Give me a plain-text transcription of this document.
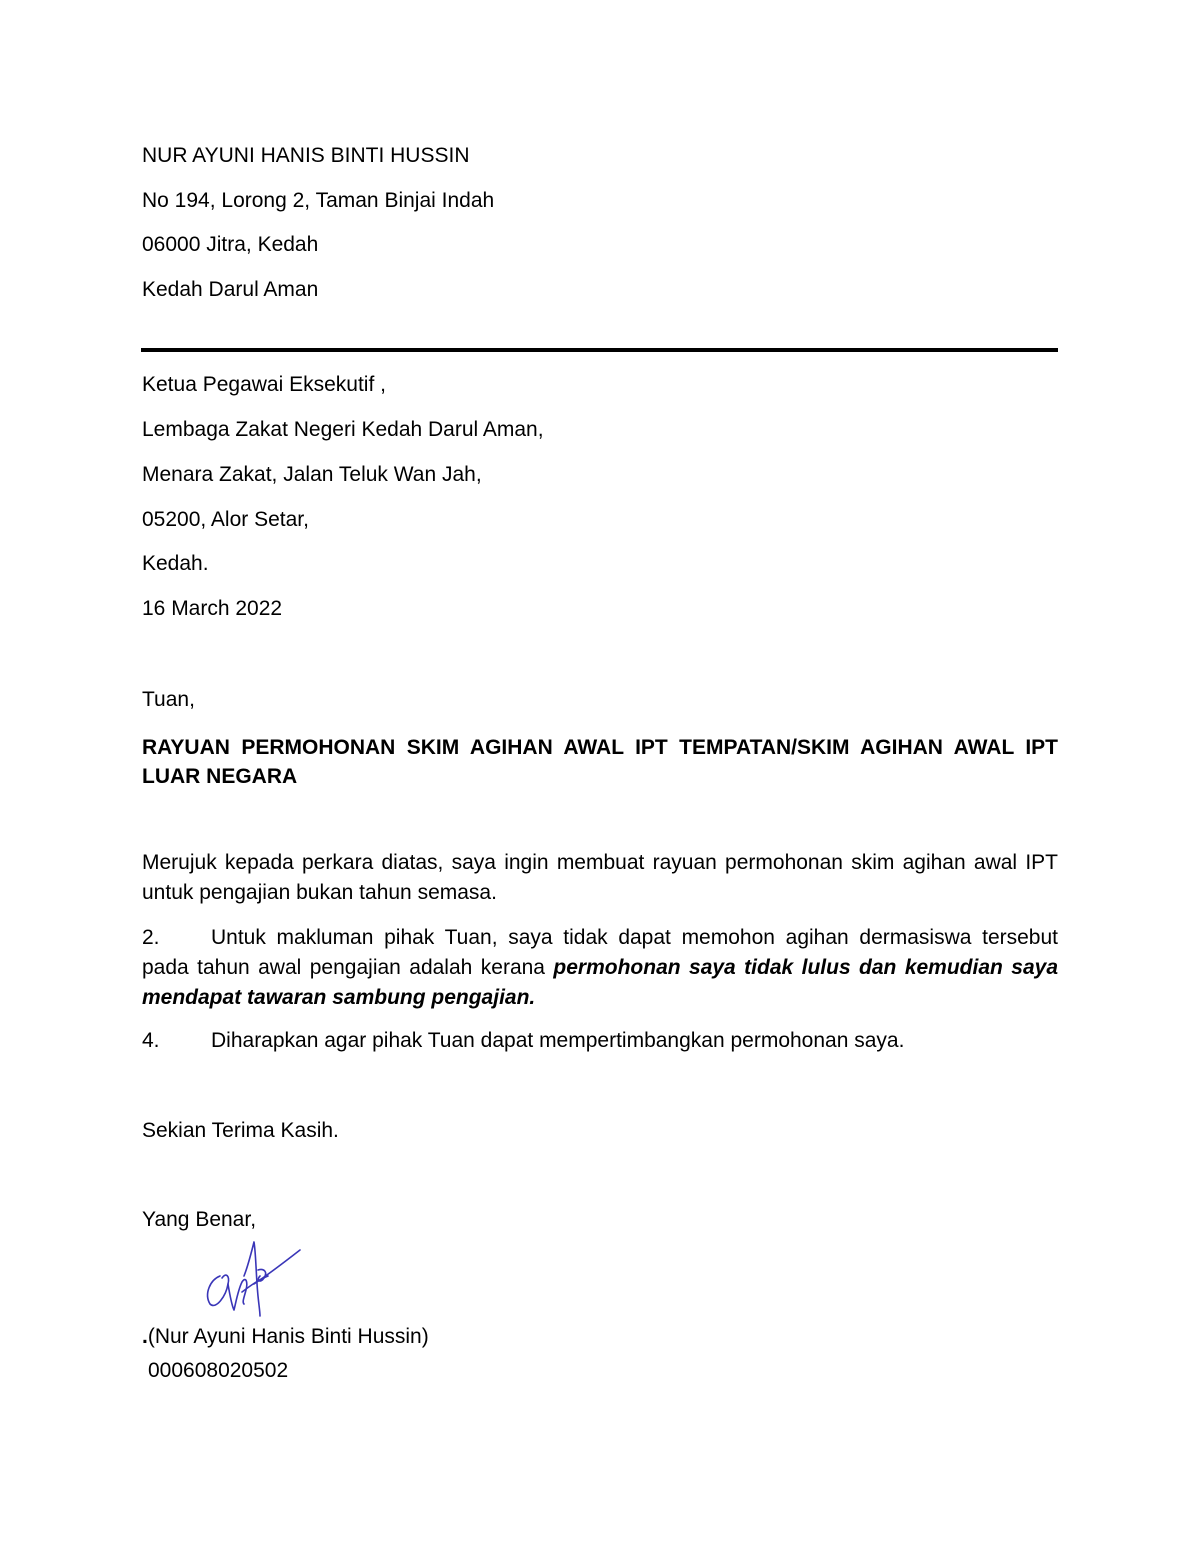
NUR AYUNI HANIS BINTI HUSSIN
No 194, Lorong 2, Taman Binjai Indah
06000 Jitra, Kedah
Kedah Darul Aman
Ketua Pegawai Eksekutif ,
Lembaga Zakat Negeri Kedah Darul Aman,
Menara Zakat, Jalan Teluk Wan Jah,
05200, Alor Setar,
Kedah.
16 March 2022
Tuan,
RAYUAN PERMOHONAN SKIM AGIHAN AWAL IPT TEMPATAN/SKIM AGIHAN AWAL IPT LUAR NEGARA
Merujuk kepada perkara diatas, saya ingin membuat rayuan permohonan skim agihan awal IPT untuk pengajian bukan tahun semasa.
2. Untuk makluman pihak Tuan, saya tidak dapat memohon agihan dermasiswa tersebut pada tahun awal pengajian adalah kerana permohonan saya tidak lulus dan kemudian saya mendapat tawaran sambung pengajian.
4. Diharapkan agar pihak Tuan dapat mempertimbangkan permohonan saya.
Sekian Terima Kasih.
Yang Benar,
.(Nur Ayuni Hanis Binti Hussin)
000608020502
